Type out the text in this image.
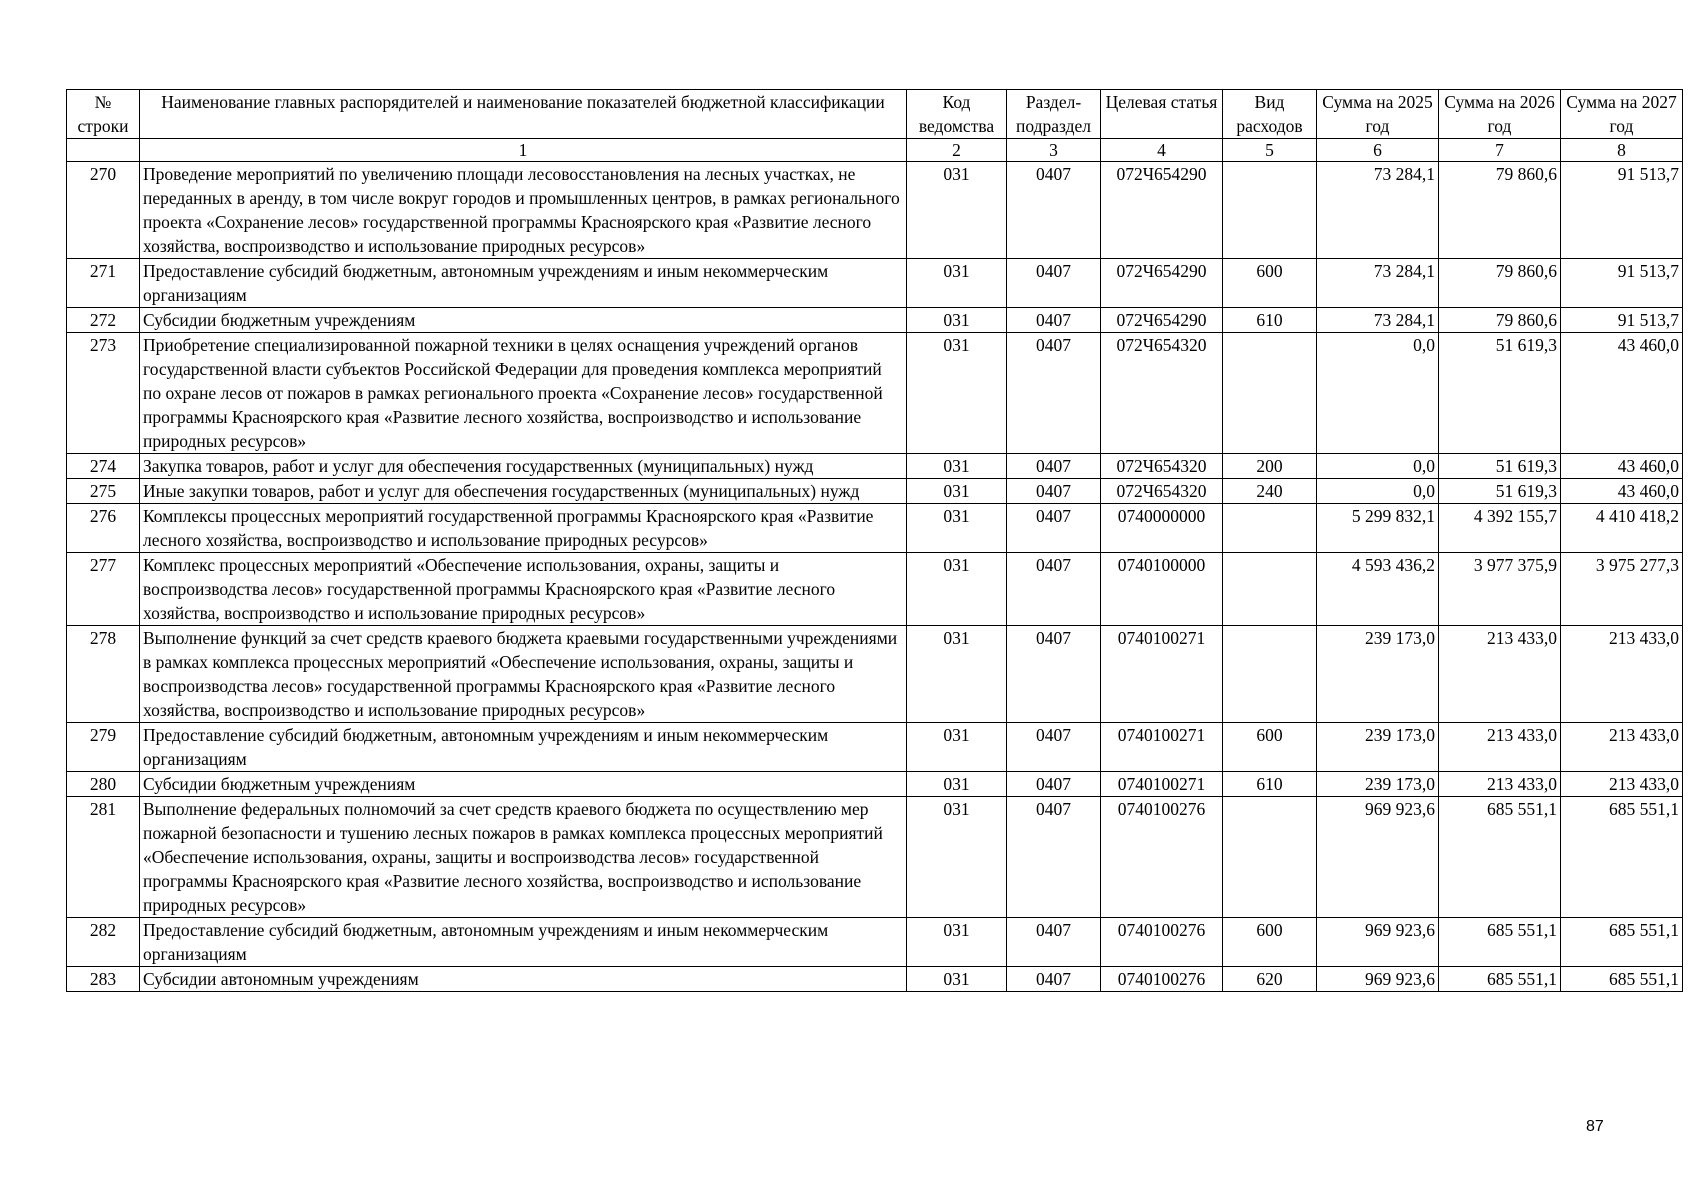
№ строки	Наименование главных распорядителей и наименование показателей бюджетной классификации	Код ведомства	Раздел- подраздел	Целевая статья	Вид расходов	Сумма на 2025 год	Сумма на 2026 год	Сумма на 2027 год
	1	2	3	4	5	6	7	8
270	Проведение мероприятий по увеличению площади лесовосстановления на лесных участках, не переданных в аренду, в том числе вокруг городов и промышленных центров, в рамках регионального проекта «Сохранение лесов» государственной программы Красноярского края «Развитие лесного хозяйства, воспроизводство и использование природных ресурсов»	031	0407	072Ч654290		73 284,1	79 860,6	91 513,7
271	Предоставление субсидий бюджетным, автономным учреждениям и иным некоммерческим организациям	031	0407	072Ч654290	600	73 284,1	79 860,6	91 513,7
272	Субсидии бюджетным учреждениям	031	0407	072Ч654290	610	73 284,1	79 860,6	91 513,7
273	Приобретение специализированной пожарной техники в целях оснащения учреждений органов государственной власти субъектов Российской Федерации для проведения комплекса мероприятий по охране лесов от пожаров в рамках регионального проекта «Сохранение лесов» государственной программы Красноярского края «Развитие лесного хозяйства, воспроизводство и использование природных ресурсов»	031	0407	072Ч654320		0,0	51 619,3	43 460,0
274	Закупка товаров, работ и услуг для обеспечения государственных (муниципальных) нужд	031	0407	072Ч654320	200	0,0	51 619,3	43 460,0
275	Иные закупки товаров, работ и услуг для обеспечения государственных (муниципальных) нужд	031	0407	072Ч654320	240	0,0	51 619,3	43 460,0
276	Комплексы процессных мероприятий государственной программы Красноярского края «Развитие лесного хозяйства, воспроизводство и использование природных ресурсов»	031	0407	0740000000		5 299 832,1	4 392 155,7	4 410 418,2
277	Комплекс процессных мероприятий «Обеспечение использования, охраны, защиты и воспроизводства лесов» государственной программы Красноярского края «Развитие лесного хозяйства, воспроизводство и использование природных ресурсов»	031	0407	0740100000		4 593 436,2	3 977 375,9	3 975 277,3
278	Выполнение функций за счет средств краевого бюджета краевыми государственными учреждениями в рамках комплекса процессных мероприятий «Обеспечение использования, охраны, защиты и воспроизводства лесов» государственной программы Красноярского края «Развитие лесного хозяйства, воспроизводство и использование природных ресурсов»	031	0407	0740100271		239 173,0	213 433,0	213 433,0
279	Предоставление субсидий бюджетным, автономным учреждениям и иным некоммерческим организациям	031	0407	0740100271	600	239 173,0	213 433,0	213 433,0
280	Субсидии бюджетным учреждениям	031	0407	0740100271	610	239 173,0	213 433,0	213 433,0
281	Выполнение федеральных полномочий за счет средств краевого бюджета по осуществлению мер пожарной безопасности и тушению лесных пожаров в рамках комплекса процессных мероприятий «Обеспечение использования, охраны, защиты и воспроизводства лесов» государственной программы Красноярского края «Развитие лесного хозяйства, воспроизводство и использование природных ресурсов»	031	0407	0740100276		969 923,6	685 551,1	685 551,1
282	Предоставление субсидий бюджетным, автономным учреждениям и иным некоммерческим организациям	031	0407	0740100276	600	969 923,6	685 551,1	685 551,1
283	Субсидии автономным учреждениям	031	0407	0740100276	620	969 923,6	685 551,1	685 551,1
87
